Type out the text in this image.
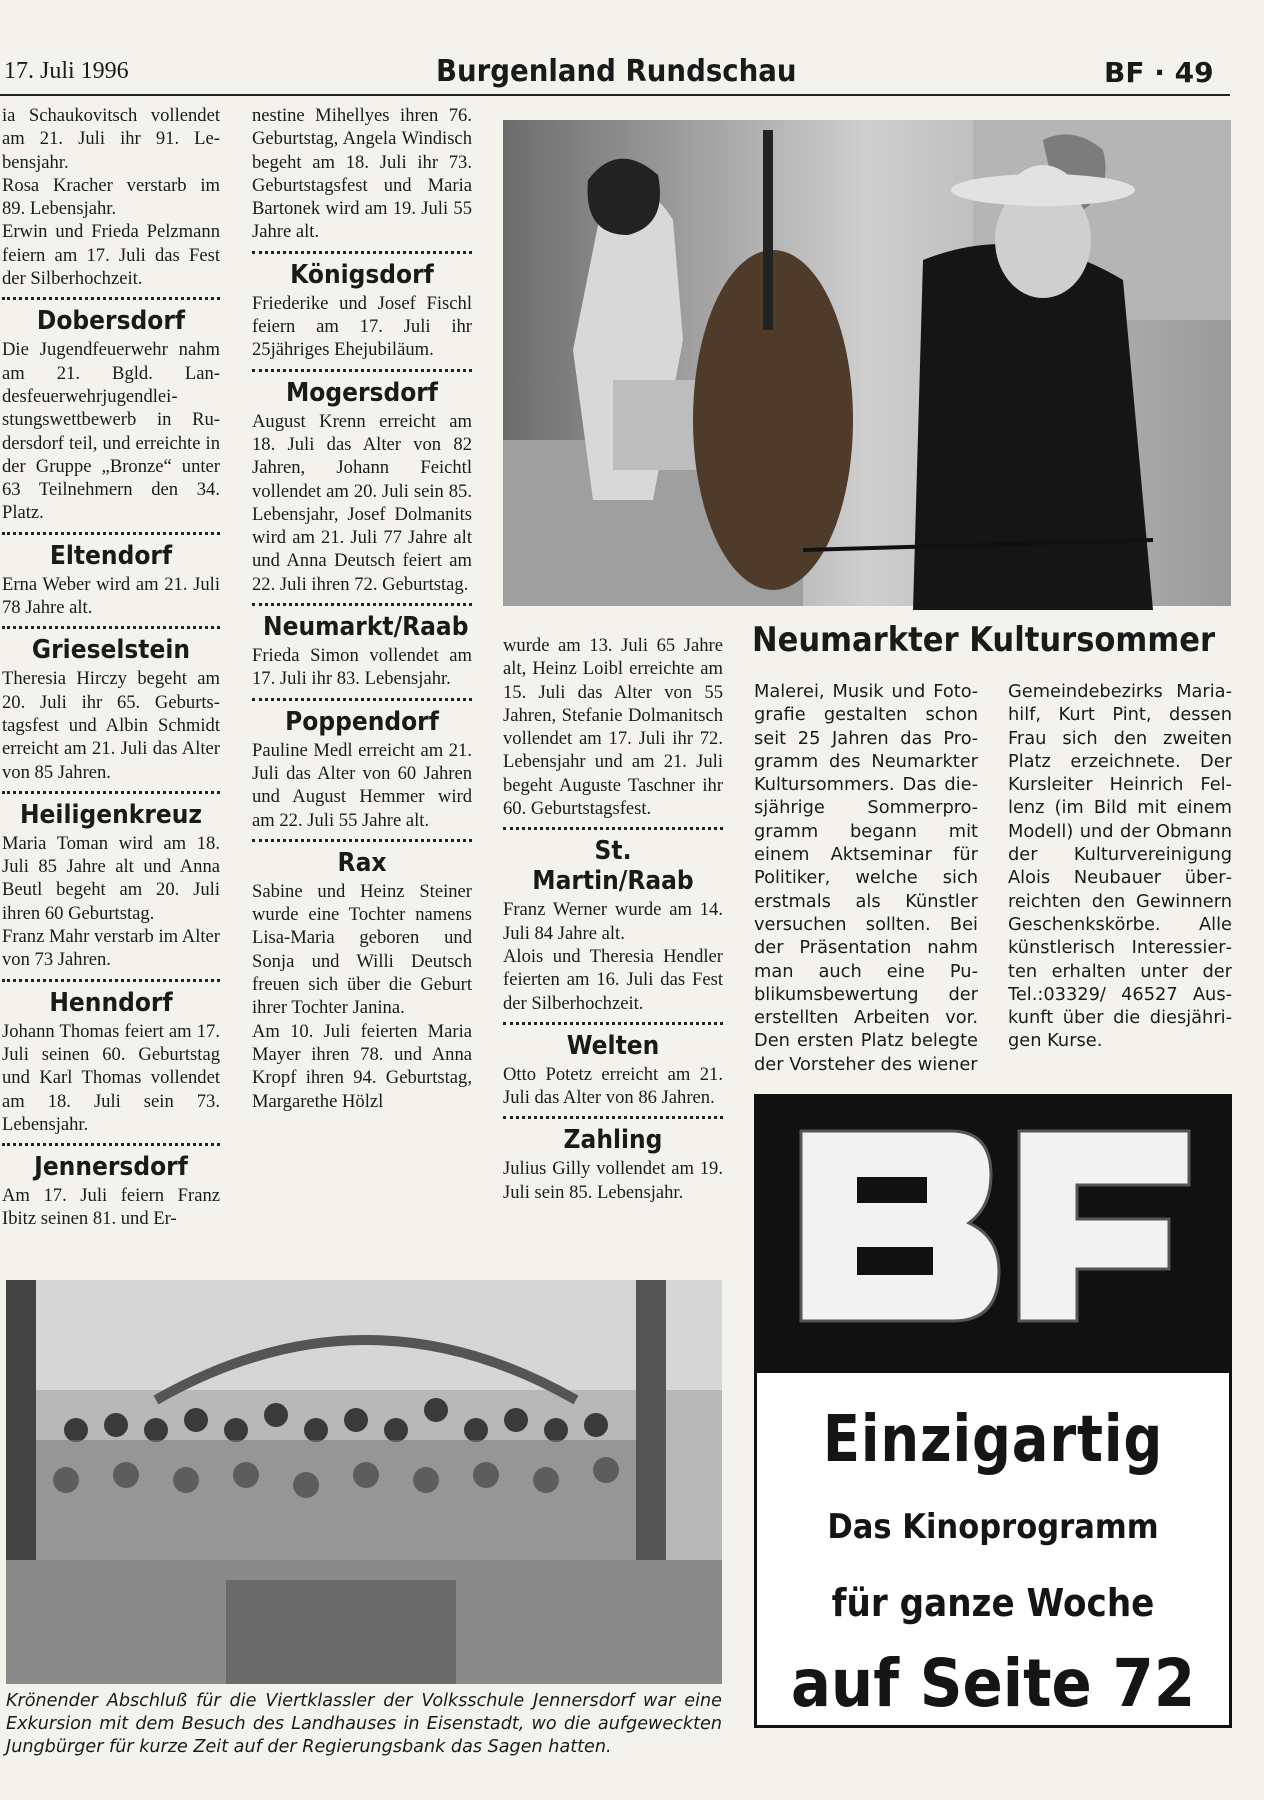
17. Juli 1996	Burgenland Rundschau	BF · 49

ia Schaukovitsch vollendet am 21. Juli ihr 91. Lebensjahr.

Rosa Kracher verstarb im 89. Lebensjahr.

Erwin und Frieda Pelzmann feiern am 17. Juli das Fest der Silberhochzeit.

Dobersdorf

Die Jugendfeuerwehr nahm am 21. Bgld. Landesfeuerwehrjugendleistungswettbewerb in Rudersdorf teil, und erreichte in der Gruppe „Bronze“ unter 63 Teilnehmern den 34. Platz.

Eltendorf

Erna Weber wird am 21. Juli 78 Jahre alt.

Grieselstein

Theresia Hirczy begeht am 20. Juli ihr 65. Geburtstagsfest und Albin Schmidt erreicht am 21. Juli das Alter von 85 Jahren.

Heiligenkreuz

Maria Toman wird am 18. Juli 85 Jahre alt und Anna Beutl begeht am 20. Juli ihren 60 Geburtstag.

Franz Mahr verstarb im Alter von 73 Jahren.

Henndorf

Johann Thomas feiert am 17. Juli seinen 60. Geburtstag und Karl Thomas vollendet am 18. Juli sein 73. Lebensjahr.

Jennersdorf

Am 17. Juli feiern Franz Ibitz seinen 81. und Er-

nestine Mihellyes ihren 76. Geburtstag, Angela Windisch begeht am 18. Juli ihr 73. Geburtstagsfest und Maria Bartonek wird am 19. Juli 55 Jahre alt.

Königsdorf

Friederike und Josef Fischl feiern am 17. Juli ihr 25jähriges Ehejubiläum.

Mogersdorf

August Krenn erreicht am 18. Juli das Alter von 82 Jahren, Johann Feichtl vollendet am 20. Juli sein 85. Lebensjahr, Josef Dolmanits wird am 21. Juli 77 Jahre alt und Anna Deutsch feiert am 22. Juli ihren 72. Geburtstag.

Neumarkt/Raab

Frieda Simon vollendet am 17. Juli ihr 83. Lebensjahr.

Poppendorf

Pauline Medl erreicht am 21. Juli das Alter von 60 Jahren und August Hemmer wird am 22. Juli 55 Jahre alt.

Rax

Sabine und Heinz Steiner wurde eine Tochter namens Lisa-Maria geboren und Sonja und Willi Deutsch freuen sich über die Geburt ihrer Tochter Janina.

Am 10. Juli feierten Maria Mayer ihren 78. und Anna Kropf ihren 94. Geburtstag, Margarethe Hölzl

wurde am 13. Juli 65 Jahre alt, Heinz Loibl erreichte am 15. Juli das Alter von 55 Jahren, Stefanie Dolmanitsch vollendet am 17. Juli ihr 72. Lebensjahr und am 21. Juli begeht Auguste Taschner ihr 60. Geburtstagsfest.

St. Martin/Raab

Franz Werner wurde am 14. Juli 84 Jahre alt.

Alois und Theresia Hendler feierten am 16. Juli das Fest der Silberhochzeit.

Welten

Otto Potetz erreicht am 21. Juli das Alter von 86 Jahren.

Zahling

Julius Gilly vollendet am 19. Juli sein 85. Lebensjahr.

Neumarkter Kultursommer

Malerei, Musik und Fotografie gestalten schon seit 25 Jahren das Programm des Neumarkter Kultursommers. Das diesjährige Sommerprogramm begann mit einem Aktseminar für Politiker, welche sich erstmals als Künstler versuchen sollten. Bei der Präsentation nahm man auch eine Publikumsbewertung der erstellten Arbeiten vor. Den ersten Platz belegte der Vorsteher des wiener

Gemeindebezirks Mariahilf, Kurt Pint, dessen Frau sich den zweiten Platz erzeichnete. Der Kursleiter Heinrich Fellenz (im Bild mit einem Modell) und der Obmann der Kulturvereinigung Alois Neubauer überreichten den Gewinnern Geschenkskörbe. Alle künstlerisch Interessierten erhalten unter der Tel.:03329/ 46527 Auskunft über die diesjährigen Kurse.

Einzigartig
Das Kinoprogramm
für ganze Woche
auf Seite 72
Krönender Abschluß für die Viertklassler der Volksschule Jennersdorf war eine Exkursion mit dem Besuch des Landhauses in Eisenstadt, wo die aufgeweckten Jungbürger für kurze Zeit auf der Regierungsbank das Sagen hatten.
